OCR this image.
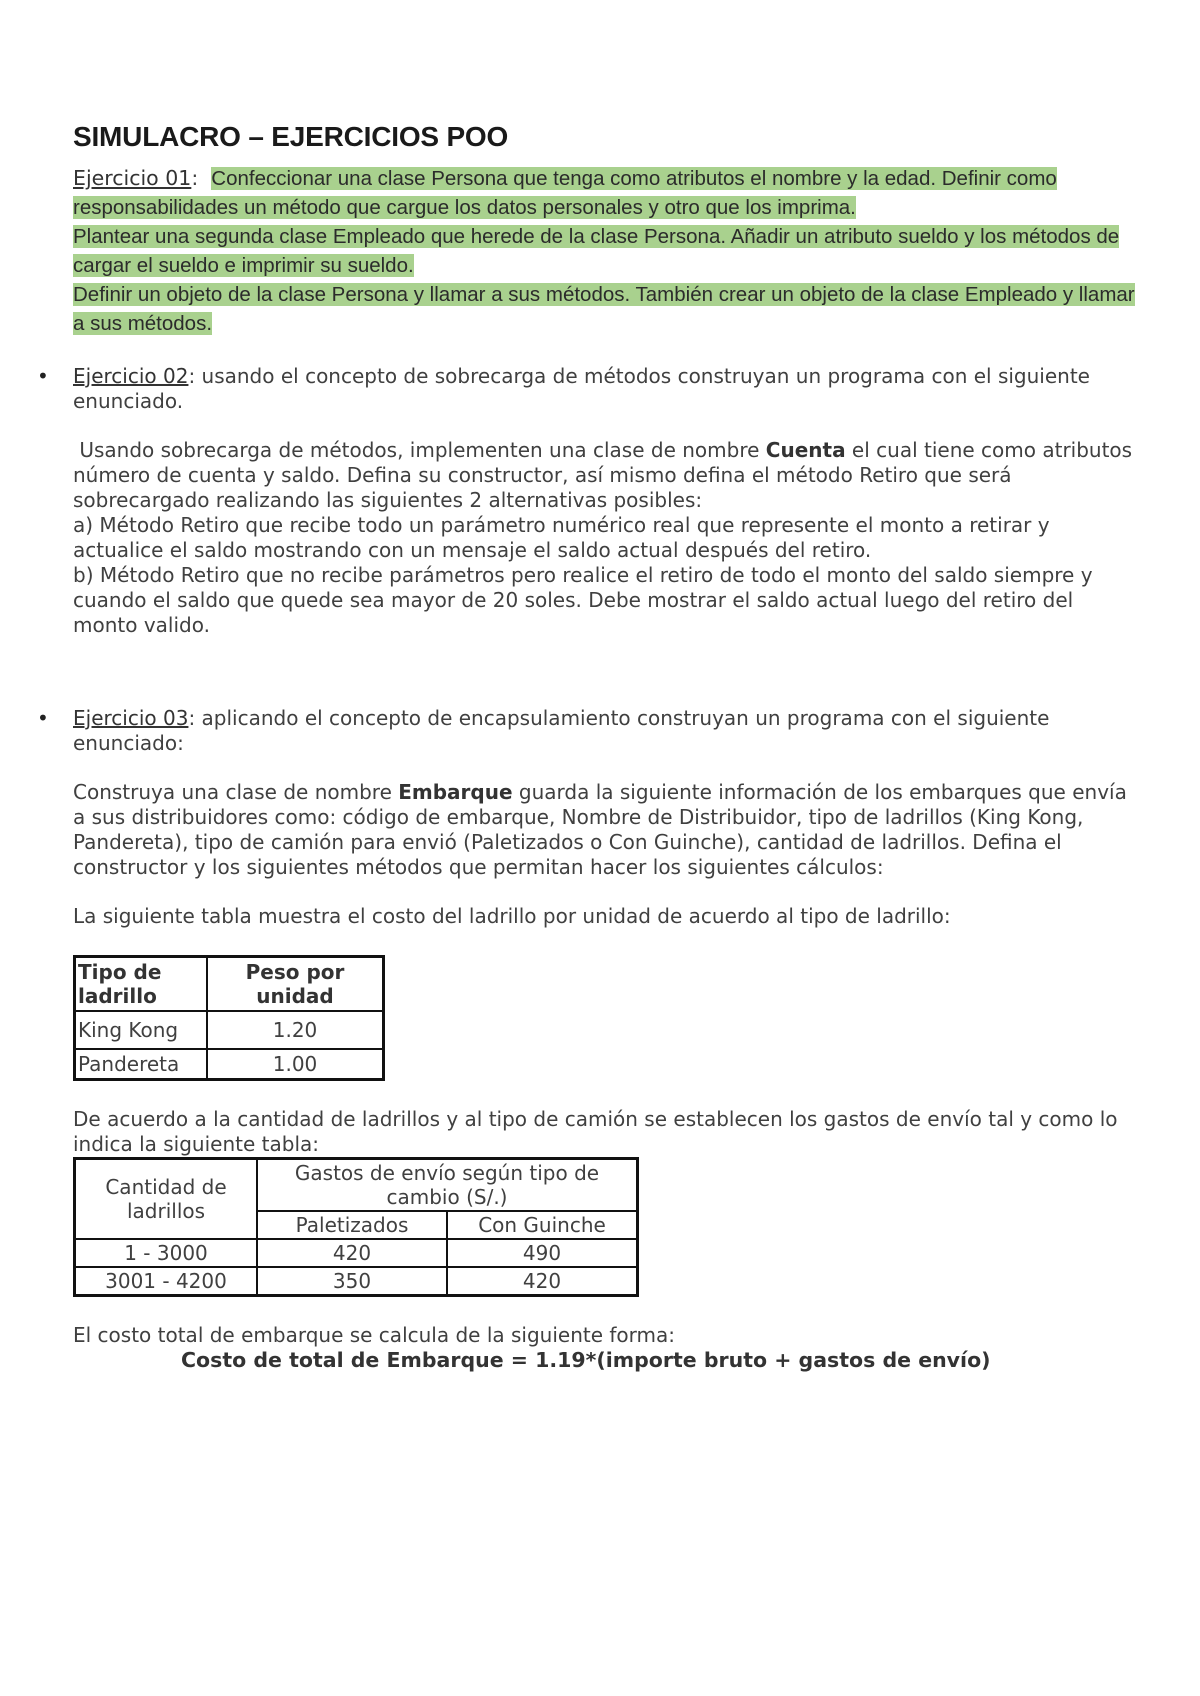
SIMULACRO – EJERCICIOS POO
Ejercicio 01:  Confeccionar una clase Persona que tenga como atributos el nombre y la edad. Definir como responsabilidades un método que cargue los datos personales y otro que los imprima.
Plantear una segunda clase Empleado que herede de la clase Persona. Añadir un atributo sueldo y los métodos de cargar el sueldo e imprimir su sueldo.
Definir un objeto de la clase Persona y llamar a sus métodos. También crear un objeto de la clase Empleado y llamar a sus métodos.
• Ejercicio 02: usando el concepto de sobrecarga de métodos construyan un programa con el siguiente enunciado.
Usando sobrecarga de métodos, implementen una clase de nombre Cuenta el cual tiene como atributos número de cuenta y saldo. Defina su constructor, así mismo defina el método Retiro que será sobrecargado realizando las siguientes 2 alternativas posibles:
a) Método Retiro que recibe todo un parámetro numérico real que represente el monto a retirar y actualice el saldo mostrando con un mensaje el saldo actual después del retiro.
b) Método Retiro que no recibe parámetros pero realice el retiro de todo el monto del saldo siempre y cuando el saldo que quede sea mayor de 20 soles. Debe mostrar el saldo actual luego del retiro del monto valido.
• Ejercicio 03: aplicando el concepto de encapsulamiento construyan un programa con el siguiente enunciado:
Construya una clase de nombre Embarque guarda la siguiente información de los embarques que envía a sus distribuidores como: código de embarque, Nombre de Distribuidor, tipo de ladrillos (King Kong, Pandereta), tipo de camión para envió (Paletizados o Con Guinche), cantidad de ladrillos. Defina el constructor y los siguientes métodos que permitan hacer los siguientes cálculos:
La siguiente tabla muestra el costo del ladrillo por unidad de acuerdo al tipo de ladrillo:
Tipo de ladrillo	Peso por unidad
King Kong	1.20
Pandereta	1.00
De acuerdo a la cantidad de ladrillos y al tipo de camión se establecen los gastos de envío tal y como lo indica la siguiente tabla:
Cantidad de ladrillos	Gastos de envío según tipo de cambio (S/.)	
	Paletizados	Con Guinche
1 - 3000	420	490
3001 - 4200	350	420
El costo total de embarque se calcula de la siguiente forma:
Costo de total de Embarque = 1.19*(importe bruto + gastos de envío)
